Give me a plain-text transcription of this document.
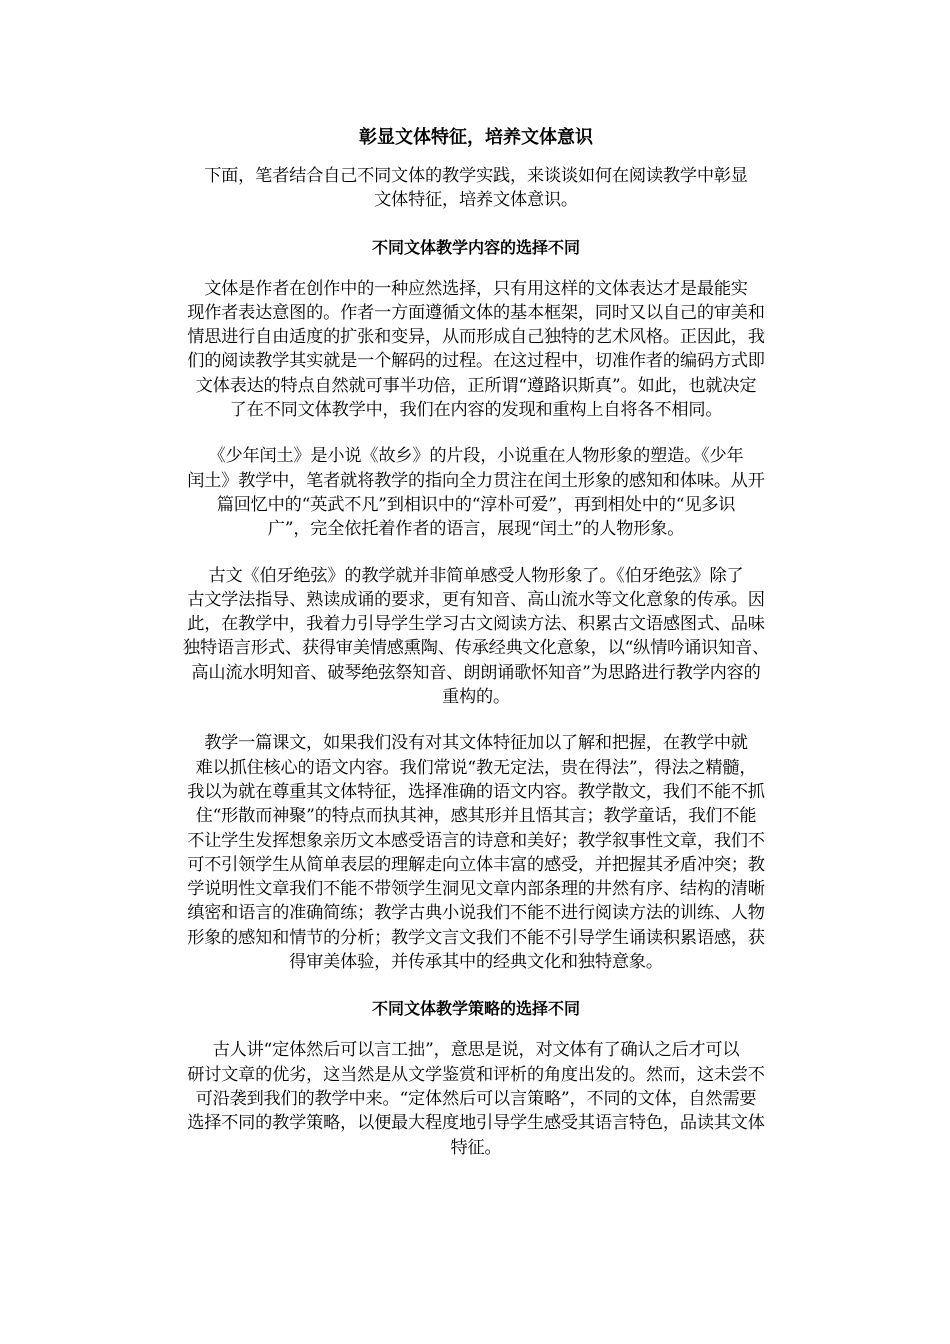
彰显文体特征，培养文体意识
下面，笔者结合自己不同文体的教学实践，来谈谈如何在阅读教学中彰显
文体特征，培养文体意识。
不同文体教学内容的选择不同
文体是作者在创作中的一种应然选择，只有用这样的文体表达才是最能实
现作者表达意图的。作者一方面遵循文体的基本框架，同时又以自己的审美和
情思进行自由适度的扩张和变异，从而形成自己独特的艺术风格。正因此，我
们的阅读教学其实就是一个解码的过程。在这过程中，切准作者的编码方式即
文体表达的特点自然就可事半功倍，正所谓“遵路识斯真”。如此，也就决定
了在不同文体教学中，我们在内容的发现和重构上自将各不相同。
《少年闰土》是小说《故乡》的片段，小说重在人物形象的塑造。《少年
闰土》教学中，笔者就将教学的指向全力贯注在闰土形象的感知和体味。从开
篇回忆中的“英武不凡”到相识中的“淳朴可爱”，再到相处中的“见多识
广”，完全依托着作者的语言，展现“闰土”的人物形象。
古文《伯牙绝弦》的教学就并非简单感受人物形象了。《伯牙绝弦》除了
古文学法指导、熟读成诵的要求，更有知音、高山流水等文化意象的传承。因
此，在教学中，我着力引导学生学习古文阅读方法、积累古文语感图式、品味
独特语言形式、获得审美情感熏陶、传承经典文化意象，以“纵情吟诵识知音、
高山流水明知音、破琴绝弦祭知音、朗朗诵歌怀知音”为思路进行教学内容的
重构的。
教学一篇课文，如果我们没有对其文体特征加以了解和把握，在教学中就
难以抓住核心的语文内容。我们常说“教无定法，贵在得法”，得法之精髓，
我以为就在尊重其文体特征，选择准确的语文内容。教学散文，我们不能不抓
住“形散而神聚”的特点而执其神，感其形并且悟其言；教学童话，我们不能
不让学生发挥想象亲历文本感受语言的诗意和美好；教学叙事性文章，我们不
可不引领学生从简单表层的理解走向立体丰富的感受，并把握其矛盾冲突；教
学说明性文章我们不能不带领学生洞见文章内部条理的井然有序、结构的清晰
缜密和语言的准确简练；教学古典小说我们不能不进行阅读方法的训练、人物
形象的感知和情节的分析；教学文言文我们不能不引导学生诵读积累语感，获
得审美体验，并传承其中的经典文化和独特意象。
不同文体教学策略的选择不同
古人讲“定体然后可以言工拙”，意思是说，对文体有了确认之后才可以
研讨文章的优劣，这当然是从文学鉴赏和评析的角度出发的。然而，这未尝不
可沿袭到我们的教学中来。“定体然后可以言策略”，不同的文体，自然需要
选择不同的教学策略，以便最大程度地引导学生感受其语言特色，品读其文体
特征。
